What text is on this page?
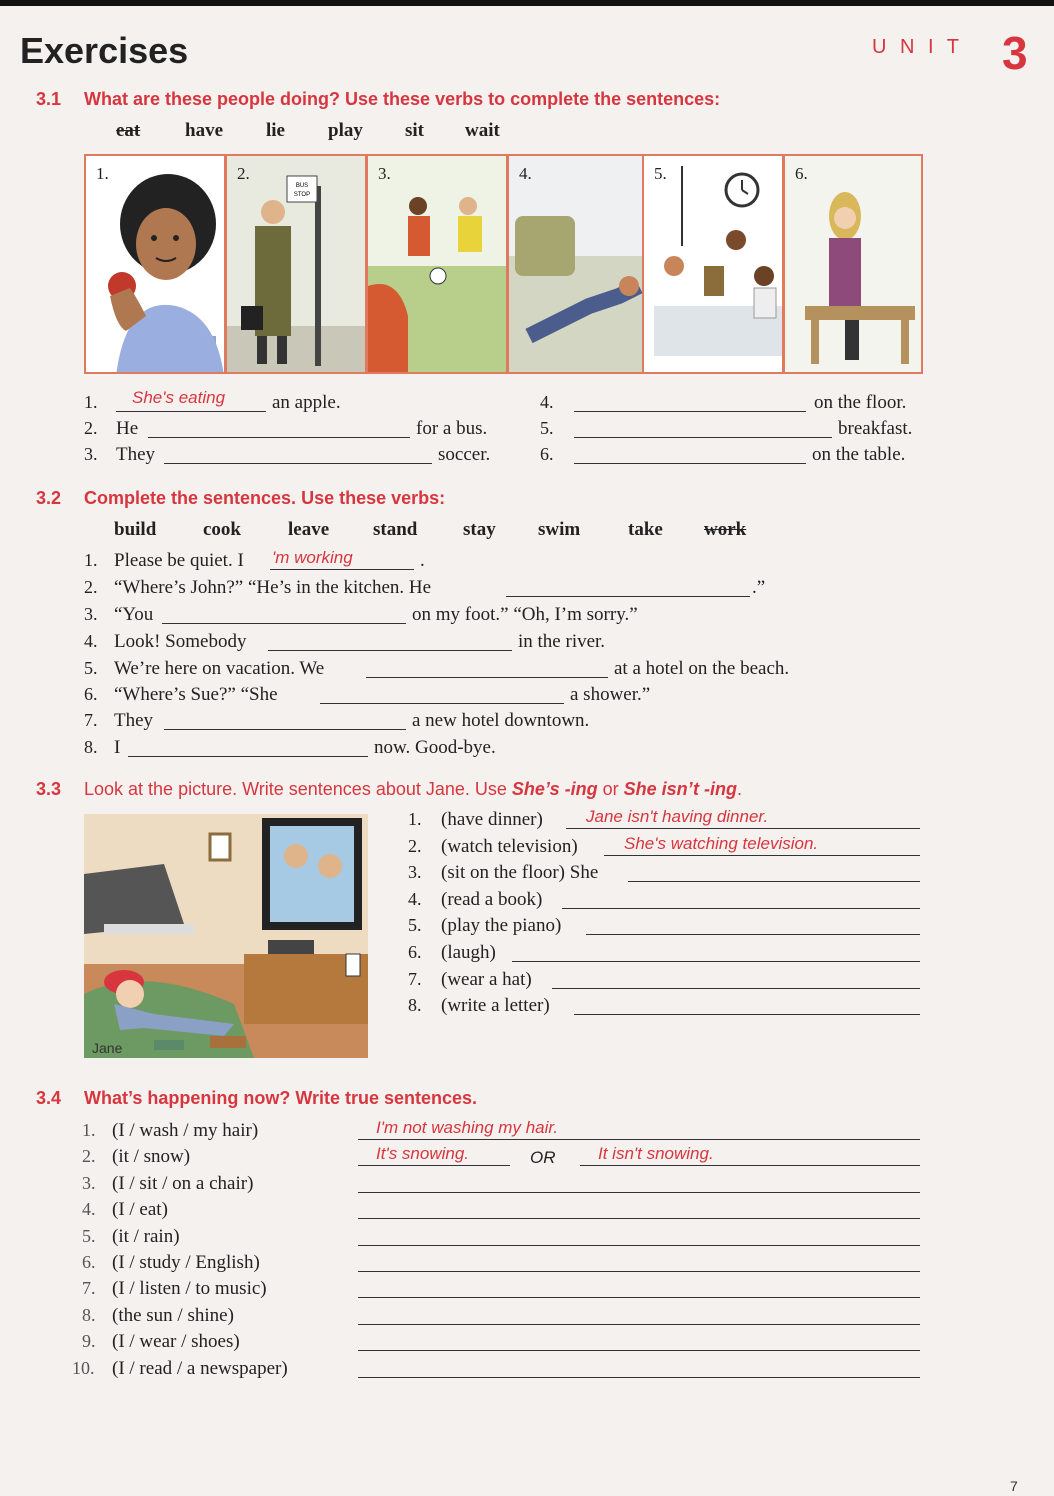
Exercises	U N I T 3
3.1 What are these people doing? Use these verbs to complete the sentences:
eat have lie play sit wait
1.	2.
BUS
STOP
3.	4.	5.	6.
1. She's eating an apple.
2. He	for a bus.
3. They	soccer.
4.	on the floor.
5.	breakfast.
6.	on the table.
3.2 Complete the sentences. Use these verbs:
build cook leave stand stay swim	take work
1. Please be quiet. I 'm working	.
2. “Where’s John?” “He’s in the kitchen. He	.”
3. “You	on my foot.” “Oh, I’m sorry.”
4. Look! Somebody	in the river.
5. We’re here on vacation. We	at a hotel on the beach.
6. “Where’s Sue?” “She	a shower.”
7. They	a new hotel downtown.
8. I	now. Good-bye.
3.3 Look at the picture. Write sentences about Jane. Use She’s -ing or She isn’t -ing.
Jane
1. (have dinner)	Jane isn't having dinner.
2. (watch television)	She's watching television.
3. (sit on the floor) She
4. (read a book)
5. (play the piano)
6. (laugh)
7. (wear a hat)
8. (write a letter)
3.4 What’s happening now? Write true sentences.
1. (I / wash / my hair)	I'm not washing my hair.
2. (it / snow)	OR
It's snowing.	It isn't snowing.
3. (I / sit / on a chair)
4. (I / eat)
5. (it / rain)
6. (I / study / English)
7. (I / listen / to music)
8. (the sun / shine)
9. (I / wear / shoes)
10. (I / read / a newspaper)
7
